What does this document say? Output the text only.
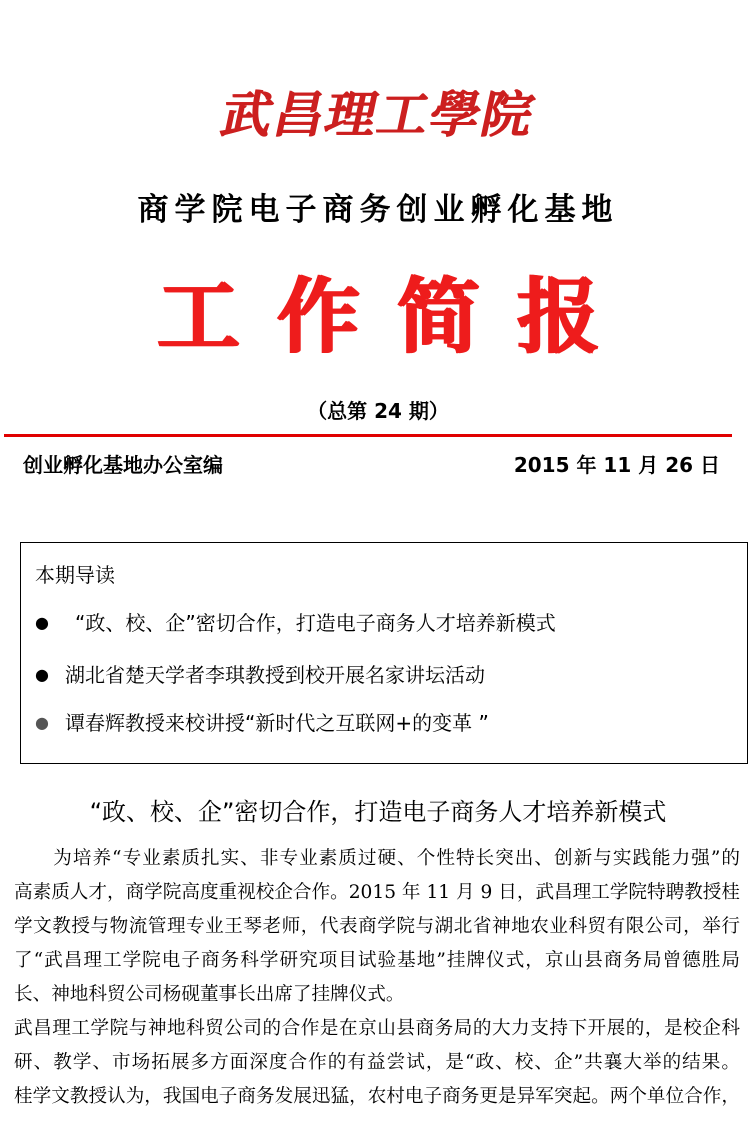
武昌理工學院
商学院电子商务创业孵化基地
工作简报
（总第 24 期）
创业孵化基地办公室编	2015 年 11 月 26 日
本期导读
● “政、校、企”密切合作，打造电子商务人才培养新模式
● 湖北省楚天学者李琪教授到校开展名家讲坛活动
● 谭春辉教授来校讲授“新时代之互联网+的变革 ”
“政、校、企”密切合作，打造电子商务人才培养新模式
　　为培养“专业素质扎实、非专业素质过硬、个性特长突出、创新与实践能力强”的
高素质人才，商学院高度重视校企合作。2015 年 11 月 9 日，武昌理工学院特聘教授桂
学文教授与物流管理专业王琴老师，代表商学院与湖北省神地农业科贸有限公司，举行
了“武昌理工学院电子商务科学研究项目试验基地”挂牌仪式，京山县商务局曾德胜局
长、神地科贸公司杨砚董事长出席了挂牌仪式。
武昌理工学院与神地科贸公司的合作是在京山县商务局的大力支持下开展的，是校企科
研、教学、市场拓展多方面深度合作的有益尝试，是“政、校、企”共襄大举的结果。
桂学文教授认为，我国电子商务发展迅猛，农村电子商务更是异军突起。两个单位合作，
